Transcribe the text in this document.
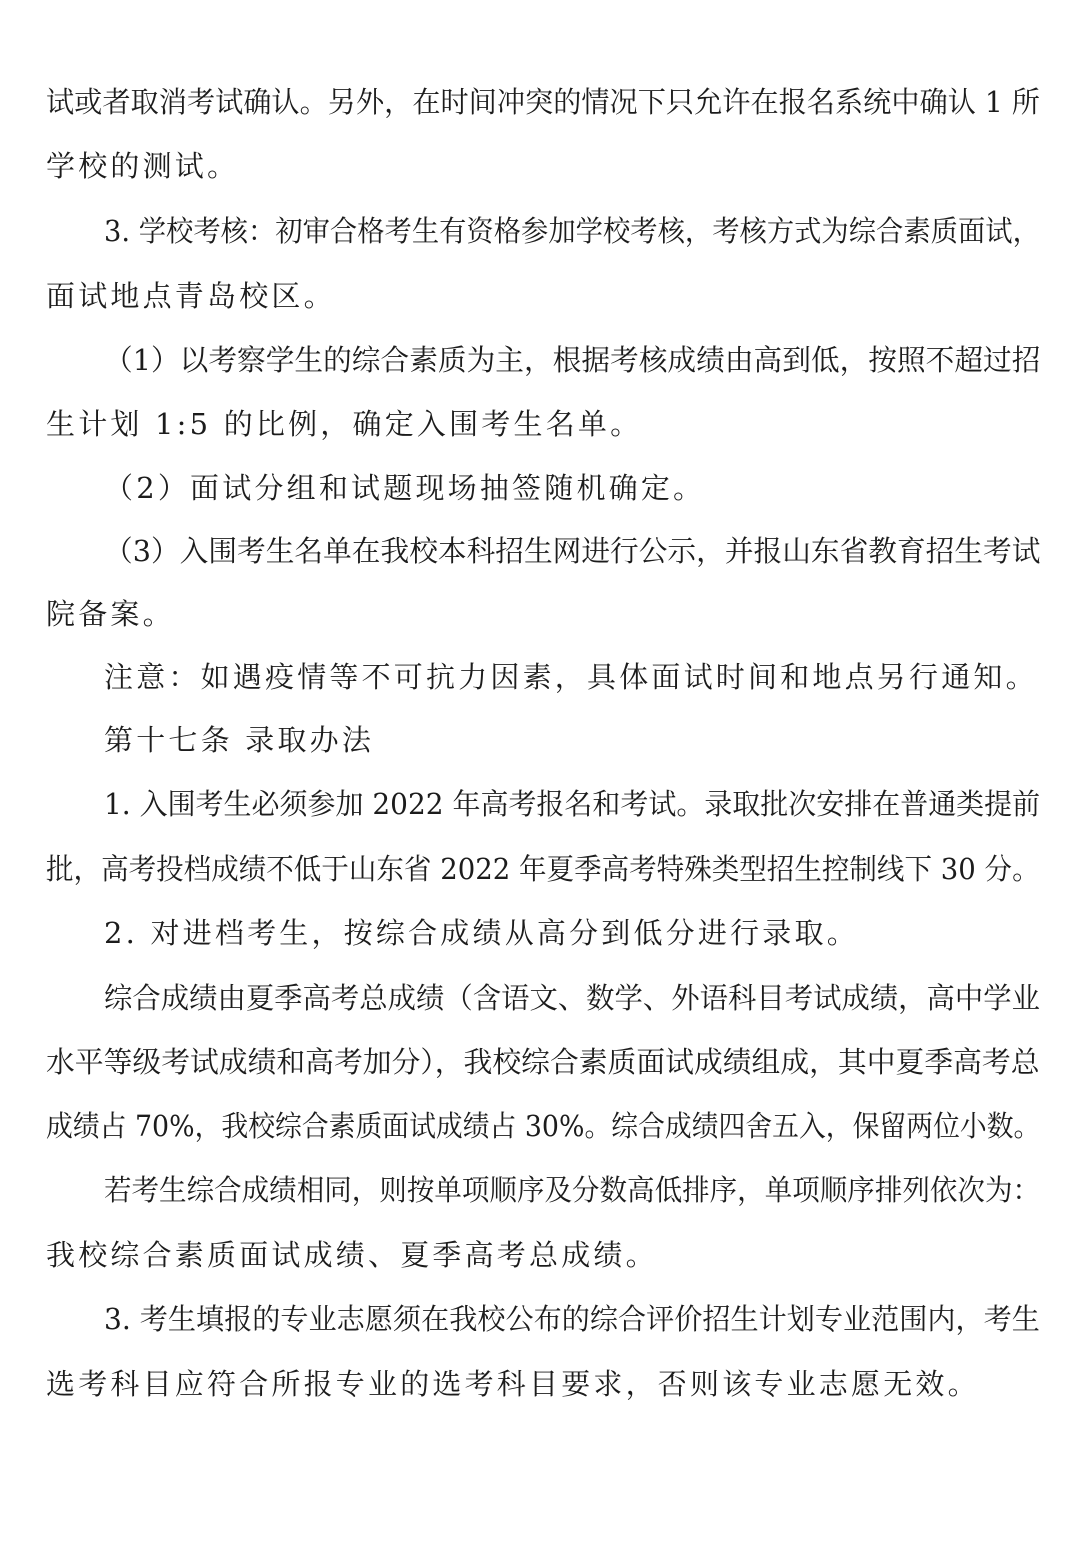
试或者取消考试确认。另外，在时间冲突的情况下只允许在报名系统中确认 1 所

学校的测试。

3. 学校考核：初审合格考生有资格参加学校考核，考核方式为综合素质面试，

面试地点青岛校区。

（1）以考察学生的综合素质为主，根据考核成绩由高到低，按照不超过招

生计划 1:5 的比例，确定入围考生名单。

（2）面试分组和试题现场抽签随机确定。

（3）入围考生名单在我校本科招生网进行公示，并报山东省教育招生考试

院备案。

注意：如遇疫情等不可抗力因素，具体面试时间和地点另行通知。

第十七条 录取办法

1. 入围考生必须参加 2022 年高考报名和考试。录取批次安排在普通类提前

批，高考投档成绩不低于山东省 2022 年夏季高考特殊类型招生控制线下 30 分。

2. 对进档考生，按综合成绩从高分到低分进行录取。

综合成绩由夏季高考总成绩（含语文、数学、外语科目考试成绩，高中学业

水平等级考试成绩和高考加分），我校综合素质面试成绩组成，其中夏季高考总

成绩占 70%，我校综合素质面试成绩占 30%。综合成绩四舍五入，保留两位小数。

若考生综合成绩相同，则按单项顺序及分数高低排序，单项顺序排列依次为：

我校综合素质面试成绩、夏季高考总成绩。

3. 考生填报的专业志愿须在我校公布的综合评价招生计划专业范围内，考生

选考科目应符合所报专业的选考科目要求，否则该专业志愿无效。
